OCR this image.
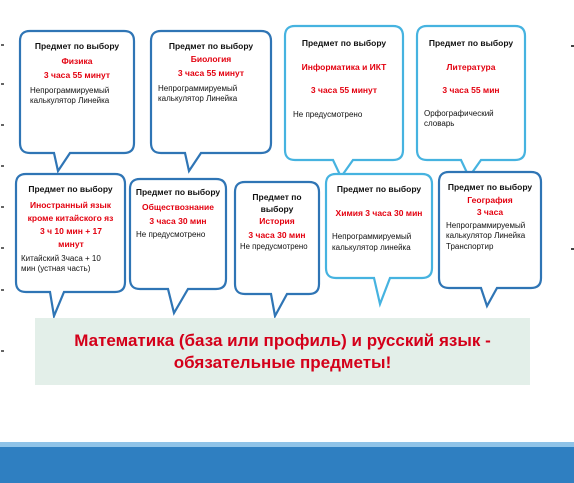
Предмет по выбору
Физика
3 часа 55 минут
Непрограммируемый калькулятор Линейка
Предмет по выбору
Биология
3 часа 55 минут
Непрограммируемый калькулятор Линейка
Предмет по выбору
Информатика и ИКТ
3 часа 55 минут
Не предусмотрено
Предмет по выбору
Литература
3 часа 55 мин
Орфографический словарь
Предмет по выбору
Иностранный язык кроме китайского яз
3 ч 10 мин + 17 минут
Китайский 3часа + 10 мин (устная часть)
Предмет по выбору
Обществознание
3 часа 30 мин
Не предусмотрено
Предмет по выбору
История
3 часа 30 мин
Не предусмотрено
Предмет по выбору
Химия 3 часа 30 мин
Непрограммируемый калькулятор линейка
Предмет по выбору
География
3 часа
Непрограммируемый калькулятор Линейка Транспортир
Математика (база или профиль) и русский язык - обязательные предметы!
